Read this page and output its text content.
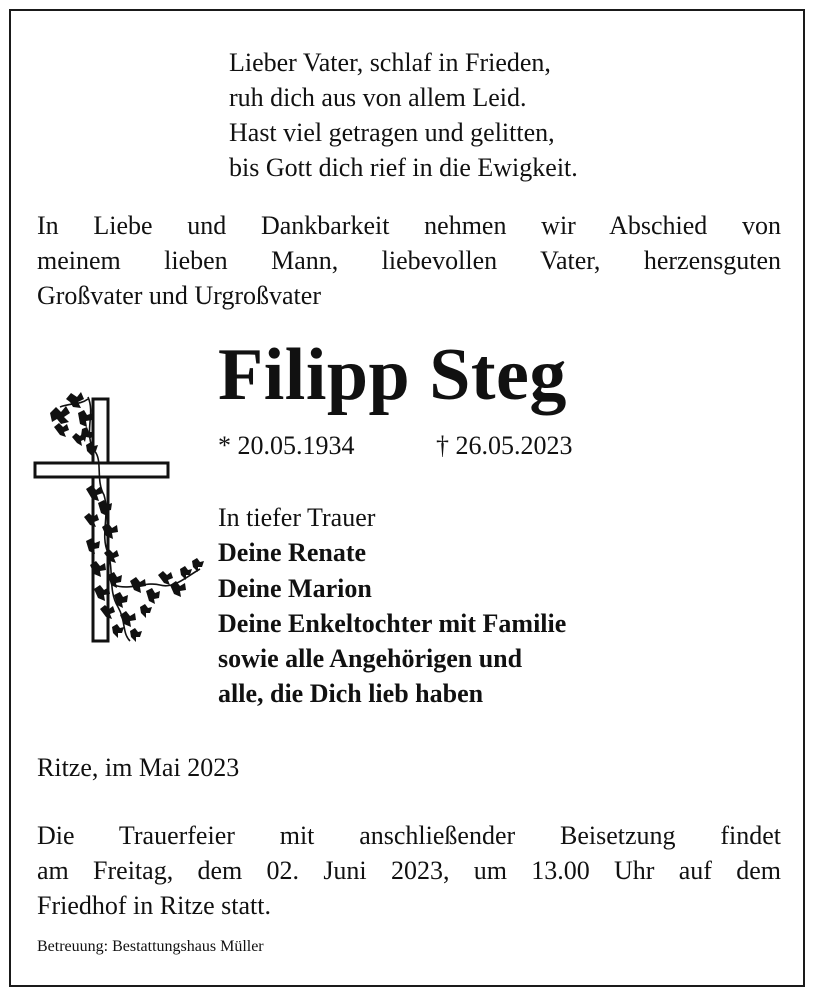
Lieber Vater, schlaf in Frieden,
ruh dich aus von allem Leid.
Hast viel getragen und gelitten,
bis Gott dich rief in die Ewigkeit.
In Liebe und Dankbarkeit nehmen wir Abschied von
meinem lieben Mann, liebevollen Vater, herzensguten
Großvater und Urgroßvater
Filipp Steg
* 20.05.1934	† 26.05.2023
In tiefer Trauer
Deine Renate
Deine Marion
Deine Enkeltochter mit Familie
sowie alle Angehörigen und
alle, die Dich lieb haben
Ritze, im Mai 2023
Die Trauerfeier mit anschließender Beisetzung findet
am Freitag, dem 02. Juni 2023, um 13.00 Uhr auf dem
Friedhof in Ritze statt.
Betreuung: Bestattungshaus Müller
